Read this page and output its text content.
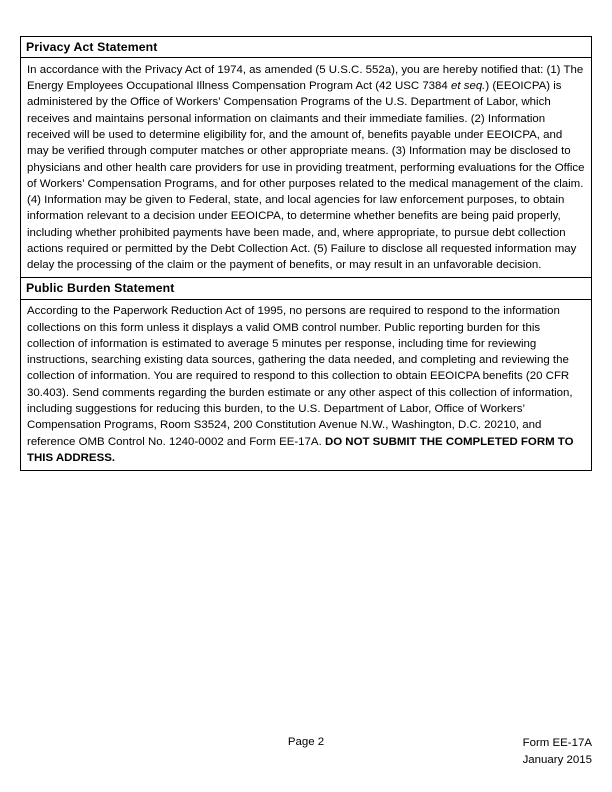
Privacy Act Statement

In accordance with the Privacy Act of 1974, as amended (5 U.S.C. 552a), you are hereby notified that: (1) The Energy Employees Occupational Illness Compensation Program Act (42 USC 7384 et seq.) (EEOICPA) is administered by the Office of Workers’ Compensation Programs of the U.S. Department of Labor, which receives and maintains personal information on claimants and their immediate families. (2) Information received will be used to determine eligibility for, and the amount of, benefits payable under EEOICPA, and may be verified through computer matches or other appropriate means. (3) Information may be disclosed to physicians and other health care providers for use in providing treatment, performing evaluations for the Office of Workers’ Compensation Programs, and for other purposes related to the medical management of the claim. (4) Information may be given to Federal, state, and local agencies for law enforcement purposes, to obtain information relevant to a decision under EEOICPA, to determine whether benefits are being paid properly, including whether prohibited payments have been made, and, where appropriate, to pursue debt collection actions required or permitted by the Debt Collection Act. (5) Failure to disclose all requested information may delay the processing of the claim or the payment of benefits, or may result in an unfavorable decision.

Public Burden Statement

According to the Paperwork Reduction Act of 1995, no persons are required to respond to the information collections on this form unless it displays a valid OMB control number. Public reporting burden for this collection of information is estimated to average 5 minutes per response, including time for reviewing instructions, searching existing data sources, gathering the data needed, and completing and reviewing the collection of information. You are required to respond to this collection to obtain EEOICPA benefits (20 CFR 30.403). Send comments regarding the burden estimate or any other aspect of this collection of information, including suggestions for reducing this burden, to the U.S. Department of Labor, Office of Workers’ Compensation Programs, Room S3524, 200 Constitution Avenue N.W., Washington, D.C. 20210, and reference OMB Control No. 1240-0002 and Form EE-17A. DO NOT SUBMIT THE COMPLETED FORM TO THIS ADDRESS.

Page 2	Form EE-17A
January 2015
